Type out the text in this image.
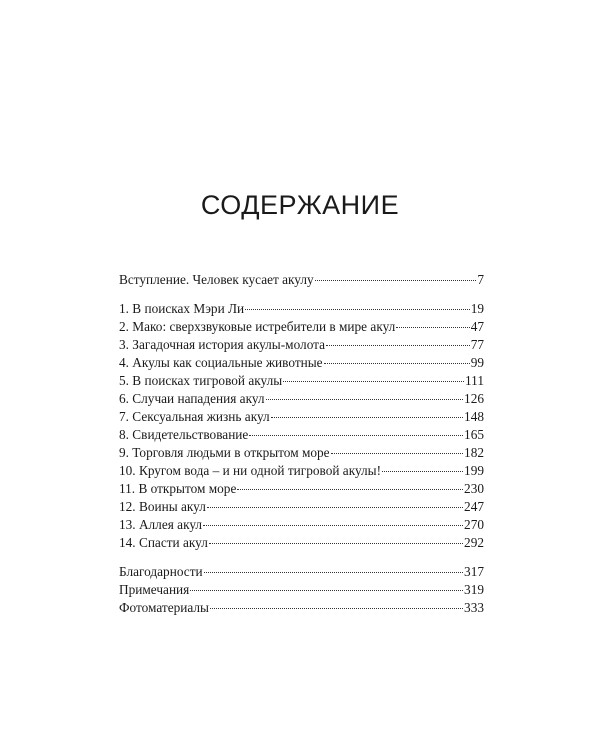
СОДЕРЖАНИЕ
Вступление. Человек кусает акулу	7
1. В поисках Мэри Ли	19
2. Мако: сверхзвуковые истребители в мире акул	47
3. Загадочная история акулы-молота	77
4. Акулы как социальные животные	99
5. В поисках тигровой акулы	111
6. Случаи нападения акул	126
7. Сексуальная жизнь акул	148
8. Свидетельствование	165
9. Торговля людьми в открытом море	182
10. Кругом вода – и ни одной тигровой акулы!	199
11. В открытом море	230
12. Воины акул	247
13. Аллея акул	270
14. Спасти акул	292
Благодарности	317
Примечания	319
Фотоматериалы	333
